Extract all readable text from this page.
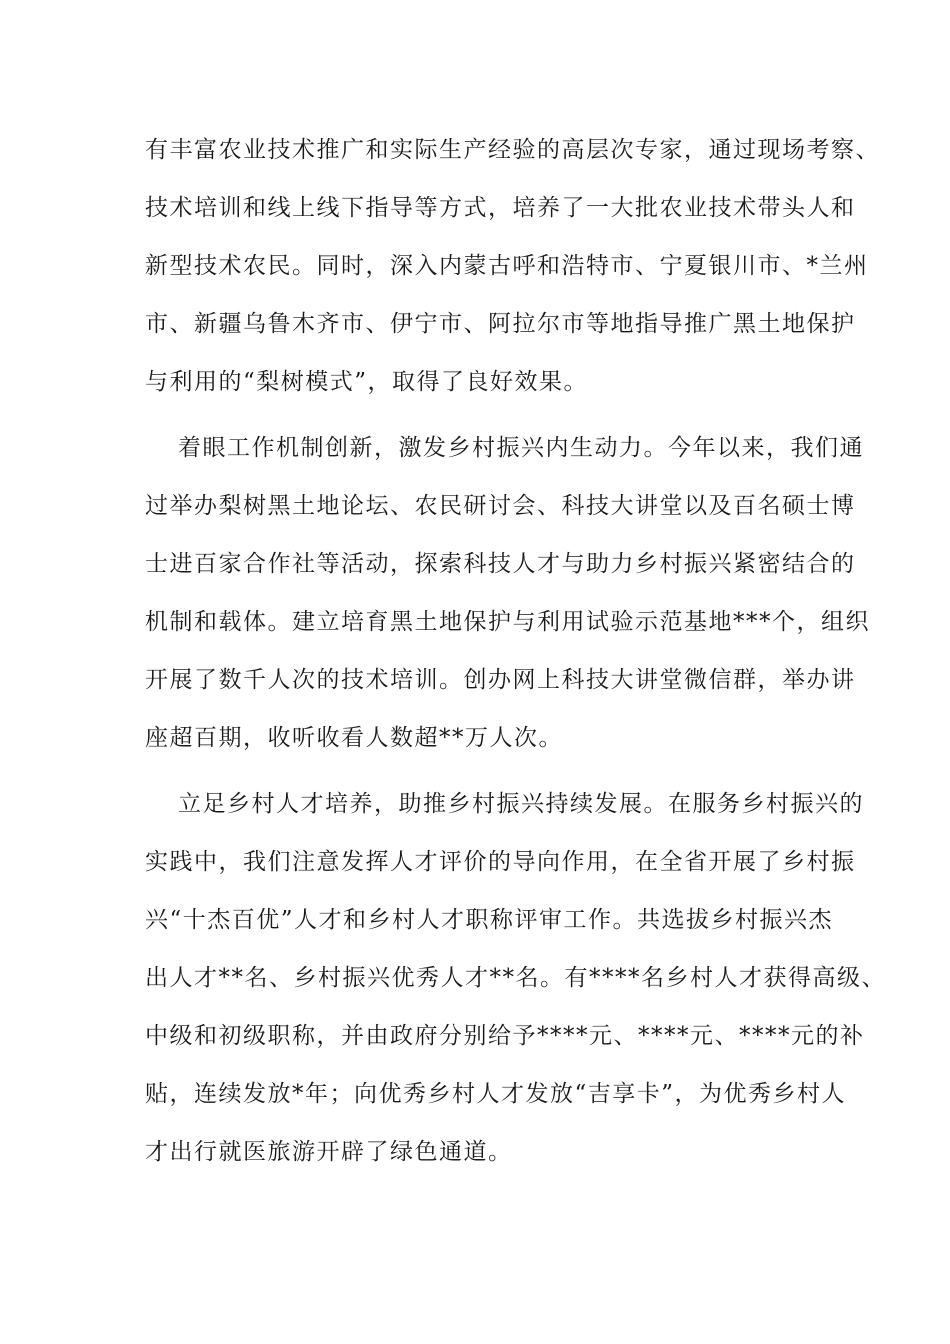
有丰富农业技术推广和实际生产经验的高层次专家，通过现场考察、
技术培训和线上线下指导等方式，培养了一大批农业技术带头人和
新型技术农民。同时，深入内蒙古呼和浩特市、宁夏银川市、*兰州
市、新疆乌鲁木齐市、伊宁市、阿拉尔市等地指导推广黑土地保护
与利用的“梨树模式”，取得了良好效果。
着眼工作机制创新，激发乡村振兴内生动力。今年以来，我们通
过举办梨树黑土地论坛、农民研讨会、科技大讲堂以及百名硕士博
士进百家合作社等活动，探索科技人才与助力乡村振兴紧密结合的
机制和载体。建立培育黑土地保护与利用试验示范基地***个，组织
开展了数千人次的技术培训。创办网上科技大讲堂微信群，举办讲
座超百期，收听收看人数超**万人次。
立足乡村人才培养，助推乡村振兴持续发展。在服务乡村振兴的
实践中，我们注意发挥人才评价的导向作用，在全省开展了乡村振
兴“十杰百优”人才和乡村人才职称评审工作。共选拔乡村振兴杰
出人才**名、乡村振兴优秀人才**名。有****名乡村人才获得高级、
中级和初级职称，并由政府分别给予****元、****元、****元的补
贴，连续发放*年；向优秀乡村人才发放“吉享卡”，为优秀乡村人
才出行就医旅游开辟了绿色通道。
